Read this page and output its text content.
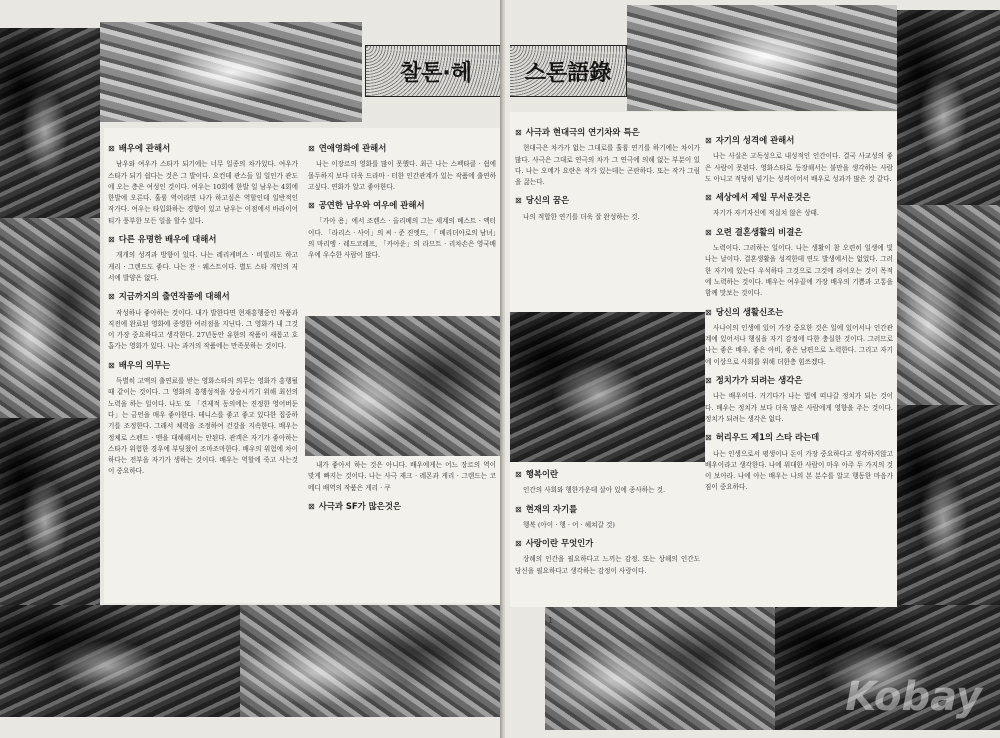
찰톤·헤
⊠ 배우에 관해서

남우와 여우가 스타가 되기에는 너무 일종의 차가있다. 여우가 스타가 되기 쉽다는 것은 그 발이다. 요컨데 관스들 일 일인가 관도에 오는 층은 여성인 것이다. 여우는 10회에 한발 일 남우는 4회에 한발에 오른다. 훌륭 역이라면 나가 하고싶은 역할인데 일반적인 작가다. 여우는 타입화하는 경향이 있고 남우는 이점에서 바라이어티가 풍부한 모든 일을 할수 있다.

⊠ 다른 유명한 배우에 대해서

개개의 성격과 방향이 있다. 나는 레리케버스 · 비빌리도 하고 게리 · 그랜드도 좋다. 나는 잔 · 웨스트이다. 별도 스타 개인의 저서에 발양은 없다.

⊠ 지금까지의 출연작품에 대해서

작성하나 좋아하는 것이다. 내가 발한다면 현재흥행중인 작품과 직전에 완료된 영화에 종영한 여러점을 지닌다. 그 영화가 내 그것이 가장 중요하다고 생각한다. 27년동안 유한의 작품이 새롭고 호흡가는 영화가 있다. 나는 과거의 작품에는 만족못하는 것이다.

⊠ 배우의 의무는

득별히 고액의 출연료를 받는 영화스타의 의무는 영화가 흥행될 때 같이는 것이다. 그 영화의 흥행성적을 상승시키기 위해 최선의 노력을 하는 일이다. 나도 또 「견제적 동의에는 진정한 영어버둔다」는 금언을 매우 좋아한다. 테니스를 좋고 좋고 있다한 집중하기를 조정한다. 그래서 체력을 조정하여 건강을 지속한다. 배우는 정체로 스펜드 · 맨을 대해해서는 안된다. 관객은 자기가 좋아하는 스타가 위험한 경우에 부딪쳤어 조마조마한다. 배우의 위험에 차이하다는 전부을 자기가 생하는 것이다. 배우는 역할에 죽고 사는것이 중요하다.

⊠ 연애영화에 관해서

나는 이장르의 영화를 많이 못했다. 최근 나는 스펙타클 · 쉼에 몰두하지 보다 더욱 드라마 · 터한 인간관계가 있는 작품에 출연하고싶다. 연화가 알고 좋아한다.

⊠ 공연한 남우와 여우에 관해서

「가아 용」에서 조렌스 · 올리베의 그는 세계의 베스트 · 액터이다. 「라리스 · 사이」의 씨 · 준 진엣드, 「 베리더아로의 남녀」의 마리엥 · 레드코레프, 「카아운」의 라므트 · 리차손은 영국배우에 우수한 사람이 많다.

내가 좋아서 하는 것은 아니다. 배우에게는 어느 장르의 역이 맞게 빠지는 것이다. 나는 사극 재크 · 레몬과 게리 · 그랜드는 코메디 배역의 작품은 게리 · 쿠

⊠ 사극과 SF가 많은것은
스톤語錄
⊠ 사극과 현대극의 연기차와 특은

현대극은 차가가 없는 그대로를 훌륭 연기를 하기에는 차이가 많다. 사극은 그대로 연극의 차가 그 연극에 의해 없는 부분이 있다. 나는 오메가 요란은 작가 있는데는 곤란하다. 또는 작가 그림을 끓는다.

⊠ 당신의 꿈은

나의 적합한 연기를 더욱 잘 완성하는 것.

⊠ 행복이란

인간의 사회와 행한가운데 살아 있에 종사하는 것.

⊠ 현재의 자기를

행복 (아이 · 행 · 어 · 헤쳐갈 것)

⊠ 사랑이란 무엇인가

상해의 인간을 필요하다고 느끼는 감정. 또는 상해의 인간도 당신을 필요하다고 생각하는 감정이 사랑이다.

⊠ 자기의 성격에 관해서

나는 사실은 고독성으로 내성적인 인간이다. 결국 사교성의 좋은 사람이 못된다. 영화스타로 등장해서는 불만을 생각하는 사람도 아니고 적당히 넘기는 성격이어서 배우로 성과가 많은 것 같다.

⊠ 세상에서 제일 무서운것은

자기가 자기자신에 적실치 않은 상태.

⊠ 오련 결혼생활의 비결은

노력이다. 그러하는 일이다. 나는 생활이 참 오련히 일생에 빛나는 날이다. 결혼생활을 성격한데 연도 발생에서는 없었다. 그러한 자기에 있는다 우석하다 그것으로 그것에 라이오는 것이 목적에 노력하는 것이다. 배우는 여우끝에 가장 배우의 기쁨과 고통을 함께 맛보는 것이다.

⊠ 당신의 생활신조는

사나이의 인생에 있어 가장 중요한 것은 일에 있어서나 인간관계에 있어서나 행심을 자기 감정에 다한 충실한 것이다. 그러므로 나는 좋은 배우, 좋은 아비, 좋은 남편으로 노력한다. 그리고 자기에 이상으로 사회를 위해 더한층 힘쓰겠다.

⊠ 정치가가 되려는 생각은

나는 배우이다. 거기다가 나는 법에 떠나갈 정치가 되는 것이다. 배우는 정치가 보다 더욱 많은 사람에게 영향을 주는 것이다. 정치가 되려는 생각은 없다.

⊠ 허리우드 제1의 스타 라는데

나는 인생으로서 평생이나 돈이 가장 중요하다고 생각하지않고 배우이라고 생각한다. 나에 위대한 사람이 마우 아주 두 가지의 것이 보아라. 나에 아는 배우는 나의 본 분수를 알고 행동한 마음가짐이 중요하다.

Kobay
1
